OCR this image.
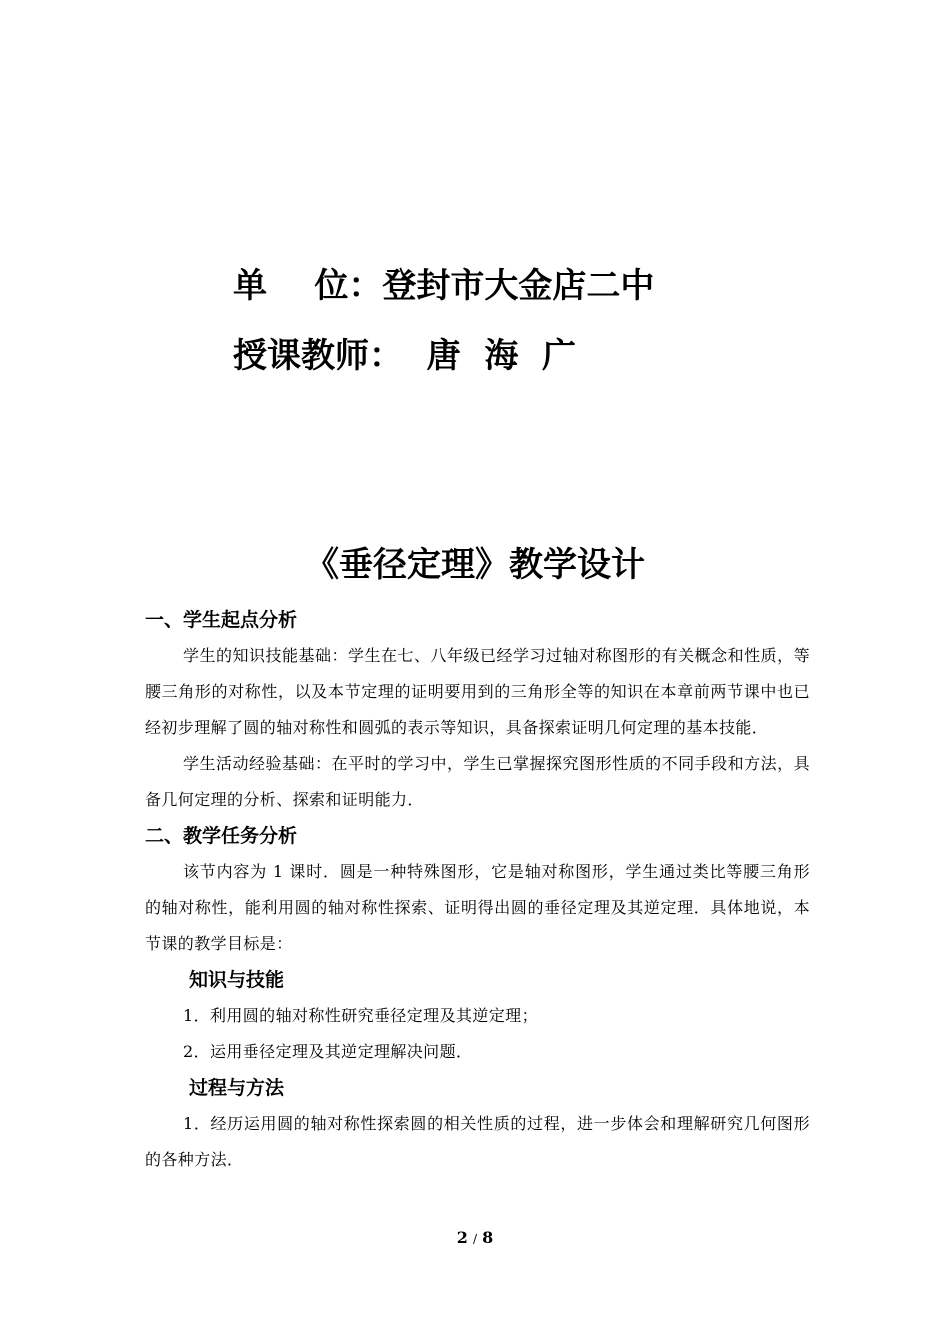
单    位：登封市大金店二中
授课教师：  唐  海  广
《垂径定理》教学设计
一、学生起点分析

学生的知识技能基础：学生在七、八年级已经学习过轴对称图形的有关概念和性质，等腰三角形的对称性，以及本节定理的证明要用到的三角形全等的知识在本章前两节课中也已经初步理解了圆的轴对称性和圆弧的表示等知识，具备探索证明几何定理的基本技能．

学生活动经验基础：在平时的学习中，学生已掌握探究图形性质的不同手段和方法，具备几何定理的分析、探索和证明能力．

二、教学任务分析

该节内容为 1 课时．圆是一种特殊图形，它是轴对称图形，学生通过类比等腰三角形的轴对称性，能利用圆的轴对称性探索、证明得出圆的垂径定理及其逆定理．具体地说，本节课的教学目标是：

知识与技能

1．利用圆的轴对称性研究垂径定理及其逆定理；

2．运用垂径定理及其逆定理解决问题．

过程与方法

1．经历运用圆的轴对称性探索圆的相关性质的过程，进一步体会和理解研究几何图形的各种方法．

2 / 8
